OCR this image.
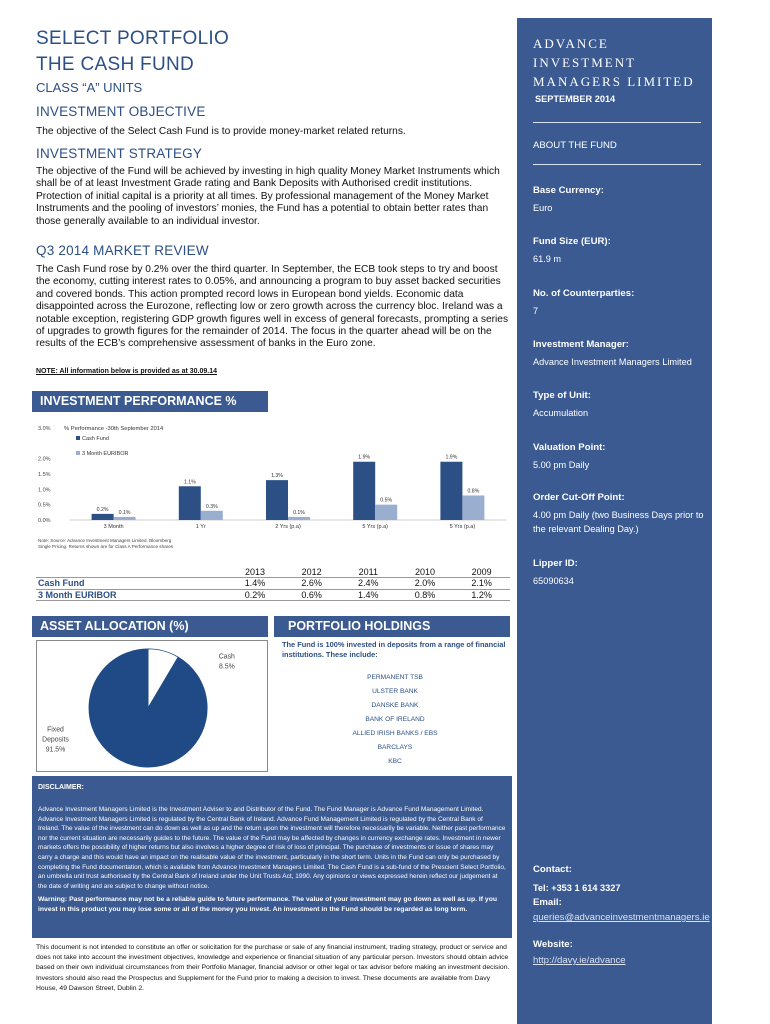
SELECT PORTFOLIO
THE CASH FUND
CLASS “A” UNITS
INVESTMENT OBJECTIVE
The objective of the Select Cash Fund is to provide money-market related returns.
INVESTMENT STRATEGY
The objective of the Fund will be achieved by investing in high quality Money Market Instruments which shall be of at least Investment Grade rating and Bank Deposits with Authorised credit institutions. Protection of initial capital is a priority at all times. By professional management of the Money Market Instruments and the pooling of investors’ monies, the Fund has a potential to obtain better rates than those generally available to an individual investor.
Q3 2014 MARKET REVIEW
The Cash Fund rose by 0.2% over the third quarter. In September, the ECB took steps to try and boost the economy, cutting interest rates to 0.05%, and announcing a program to buy asset backed securities and covered bonds. This action prompted record lows in European bond yields. Economic data disappointed across the Eurozone, reflecting low or zero growth across the currency bloc. Ireland was a notable exception, registering GDP growth figures well in excess of general forecasts, prompting a series of upgrades to growth figures for the remainder of 2014. The focus in the quarter ahead will be on the results of the ECB’s comprehensive assessment of banks in the Euro zone.
NOTE: All information below is provided as at 30.09.14
INVESTMENT PERFORMANCE %
0.0%
0.5%
1.0%
1.5%
2.0%
3.0% % Performance -30th September 2014
Cash Fund
3 Month EURIBOR
0.2%
0.1%
3 Month
1.1%
0.3%
1 Yr
1.3%
0.1%
2 Yrs (p.a)
1.9%
0.5%
5 Yrs (p.a)
1.9%
0.8%
5 Yrs (p.a)
Note: Source: Advance Investment Managers Limited. Bloomberg
Single Pricing. Returns shown are for Class A Performance shares
	2013	2012	2011	2010	2009
Cash Fund	1.4%	2.6%	2.4%	2.0%	2.1%
3 Month EURIBOR	0.2%	0.6%	1.4%	0.8%	1.2%
ASSET ALLOCATION (%)	PORTFOLIO HOLDINGS
Cash
8.5%
Fixed
Deposits
91.5%
The Fund is 100% invested in deposits from a range of financial institutions. These include:
PERMANENT TSB
ULSTER BANK
DANSKE BANK
BANK OF IRELAND
ALLIED IRISH BANKS / EBS
BARCLAYS
KBC
DISCLAIMER:
Advance Investment Managers Limited is the Investment Adviser to and Distributor of the Fund. The Fund Manager is Advance Fund Management Limited. Advance Investment Managers Limited is regulated by the Central Bank of Ireland. Advance Fund Management Limited is regulated by the Central Bank of Ireland. The value of the investment can do down as well as up and the return upon the investment will therefore necessarily be variable. Neither past performance nor the current situation are necessarily guides to the future. The value of the Fund may be affected by changes in currency exchange rates. Investment in newer markets offers the possibility of higher returns but also involves a higher degree of risk of loss of principal. The purchase of investments or issue of shares may carry a charge and this would have an impact on the realisable value of the investment, particularly in the short term. Units in the Fund can only be purchased by completing the Fund documentation, which is available from Advance Investment Managers Limited. The Cash Fund is a sub-fund of the Prescient Select Portfolio, an umbrella unit trust authorised by the Central Bank of Ireland under the Unit Trusts Act, 1990. Any opinions or views expressed herein reflect our judgement at the date of writing and are subject to change without notice.
Warning: Past performance may not be a reliable guide to future performance. The value of your investment may go down as well as up. If you invest in this product you may lose some or all of the money you invest. An investment in the Fund should be regarded as long term.
This document is not intended to constitute an offer or solicitation for the purchase or sale of any financial instrument, trading strategy, product or service and does not take into account the investment objectives, knowledge and experience or financial situation of any particular person. Investors should obtain advice based on their own individual circumstances from their Portfolio Manager, financial advisor or other legal or tax advisor before making an investment decision. Investors should also read the Prospectus and Supplement for the Fund prior to making a decision to invest. These documents are available from Davy House, 49 Dawson Street, Dublin 2.
ADVANCE INVESTMENT
MANAGERS LIMITED
SEPTEMBER 2014
ABOUT THE FUND
Base Currency:
Euro
Fund Size (EUR):
61.9 m
No. of Counterparties:
7
Investment Manager:
Advance Investment Managers Limited
Type of Unit:
Accumulation
Valuation Point:
5.00 pm Daily
Order Cut-Off Point:
4.00 pm Daily (two Business Days prior to the relevant Dealing Day.)
Lipper ID:
65090634
Contact:
Tel: +353 1 614 3327
Email:
queries@advanceinvestmentmanagers.ie
Website:
http://davy.ie/advance
